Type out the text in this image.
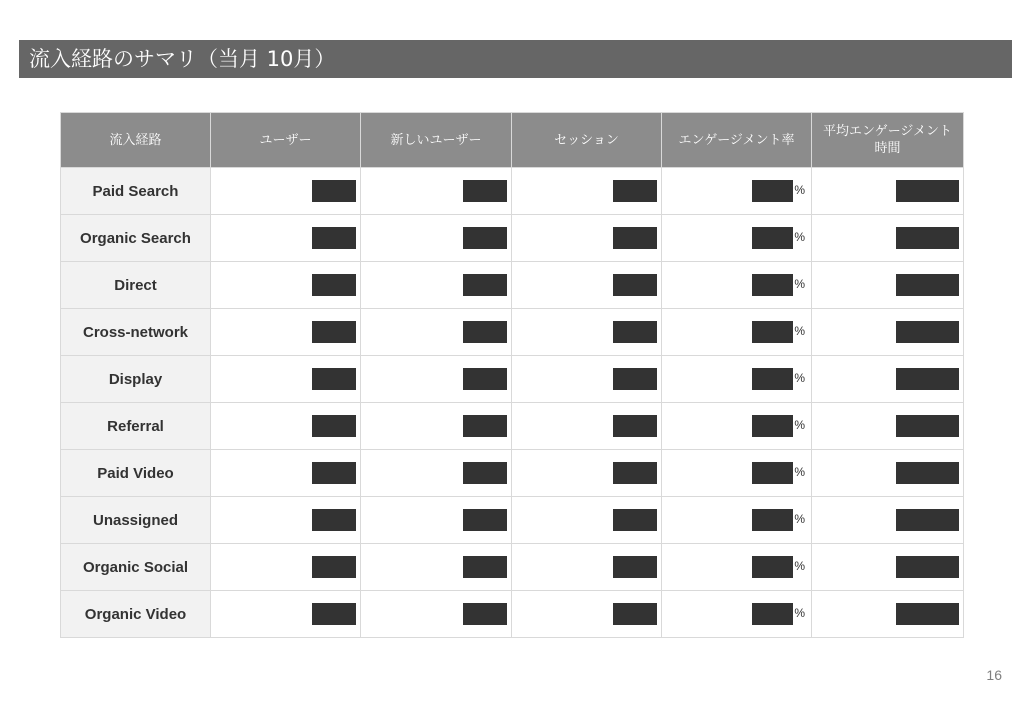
流入経路のサマリ（当月 10月）
流入経路	ユーザー	新しいユーザー	セッション	エンゲージメント率	平均エンゲージメント時間
Paid Search				%	

Organic Search				%	

Direct				%	

Cross-network				%	

Display				%	

Referral				%	

Paid Video				%	

Unassigned				%	

Organic Social				%	

Organic Video				%	

16
